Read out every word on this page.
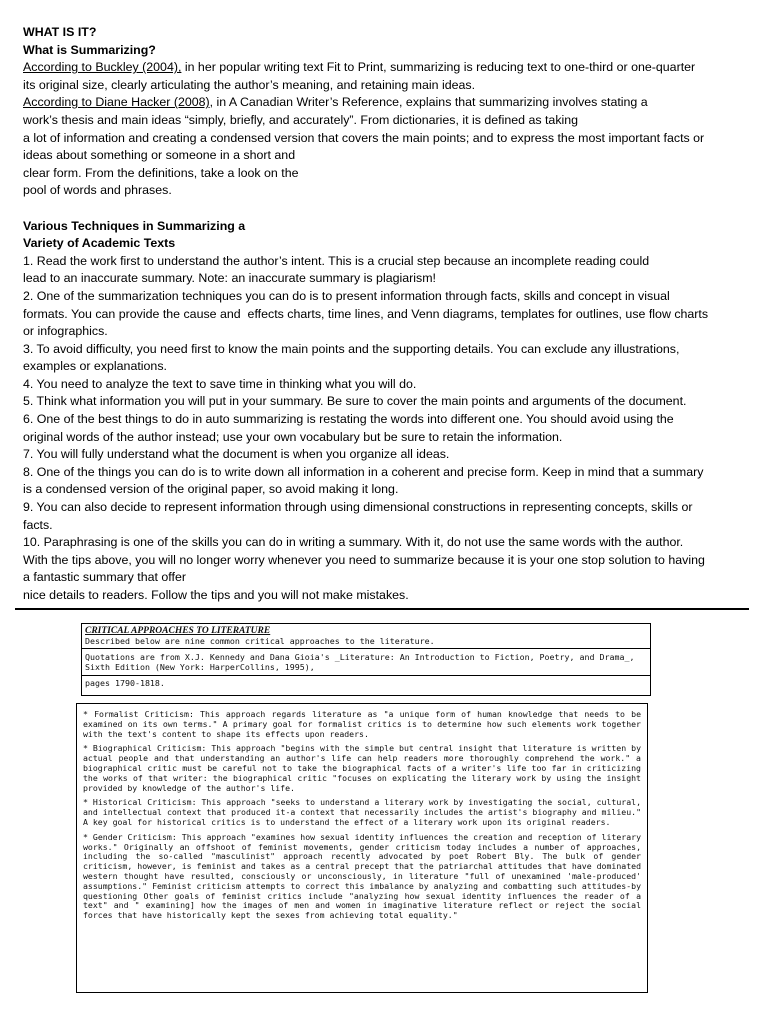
WHAT IS IT?
What is Summarizing?
According to Buckley (2004), in her popular writing text Fit to Print, summarizing is reducing text to one-third or one-quarter
its original size, clearly articulating the author’s meaning, and retaining main ideas.
According to Diane Hacker (2008), in A Canadian Writer’s Reference, explains that summarizing involves stating a
work’s thesis and main ideas “simply, briefly, and accurately”. From dictionaries, it is defined as taking
a lot of information and creating a condensed version that covers the main points; and to express the most important facts or
ideas about something or someone in a short and
clear form. From the definitions, take a look on the
pool of words and phrases.
Various Techniques in Summarizing a
Variety of Academic Texts
1. Read the work first to understand the author’s intent. This is a crucial step because an incomplete reading could
lead to an inaccurate summary. Note: an inaccurate summary is plagiarism!
2. One of the summarization techniques you can do is to present information through facts, skills and concept in visual
formats. You can provide the cause and  effects charts, time lines, and Venn diagrams, templates for outlines, use flow charts
or infographics.
3. To avoid difficulty, you need first to know the main points and the supporting details. You can exclude any illustrations,
examples or explanations.
4. You need to analyze the text to save time in thinking what you will do.
5. Think what information you will put in your summary. Be sure to cover the main points and arguments of the document.
6. One of the best things to do in auto summarizing is restating the words into different one. You should avoid using the
original words of the author instead; use your own vocabulary but be sure to retain the information.
7. You will fully understand what the document is when you organize all ideas.
8. One of the things you can do is to write down all information in a coherent and precise form. Keep in mind that a summary
is a condensed version of the original paper, so avoid making it long.
9. You can also decide to represent information through using dimensional constructions in representing concepts, skills or
facts.
10. Paraphrasing is one of the skills you can do in writing a summary. With it, do not use the same words with the author.
With the tips above, you will no longer worry whenever you need to summarize because it is your one stop solution to having
a fantastic summary that offer
nice details to readers. Follow the tips and you will not make mistakes.
CRITICAL APPROACHES TO LITERATURE
Described below are nine common critical approaches to the literature.
Quotations are from X.J. Kennedy and Dana Gioia's _Literature: An Introduction to Fiction, Poetry, and Drama_, Sixth Edition (New York: HarperCollins, 1995),
pages 1790-1818.
* Formalist Criticism: This approach regards literature as "a unique form of human knowledge that needs to be examined on its own terms." A primary goal for formalist critics is to determine how such elements work together with the text's content to shape its effects upon readers.
* Biographical Criticism: This approach "begins with the simple but central insight that literature is written by actual people and that understanding an author's life can help readers more thoroughly comprehend the work." a biographical critic must be careful not to take the biographical facts of a writer's life too far in criticizing the works of that writer: the biographical critic "focuses on explicating the literary work by using the insight provided by knowledge of the author's life.
* Historical Criticism: This approach "seeks to understand a literary work by investigating the social, cultural, and intellectual context that produced it-a context that necessarily includes the artist's biography and milieu." A key goal for historical critics is to understand the effect of a literary work upon its original readers.
* Gender Criticism: This approach "examines how sexual identity influences the creation and reception of literary works." Originally an offshoot of feminist movements, gender criticism today includes a number of approaches, including the so-called "masculinist" approach recently advocated by poet Robert Bly. The bulk of gender criticism, however, is feminist and takes as a central precept that the patriarchal attitudes that have dominated western thought have resulted, consciously or unconsciously, in literature "full of unexamined 'male-produced' assumptions." Feminist criticism attempts to correct this imbalance by analyzing and combatting such attitudes-by questioning Other goals of feminist critics include "analyzing how sexual identity influences the reader of a text" and " examining] how the images of men and women in imaginative literature reflect or reject the social forces that have historically kept the sexes from achieving total equality."
